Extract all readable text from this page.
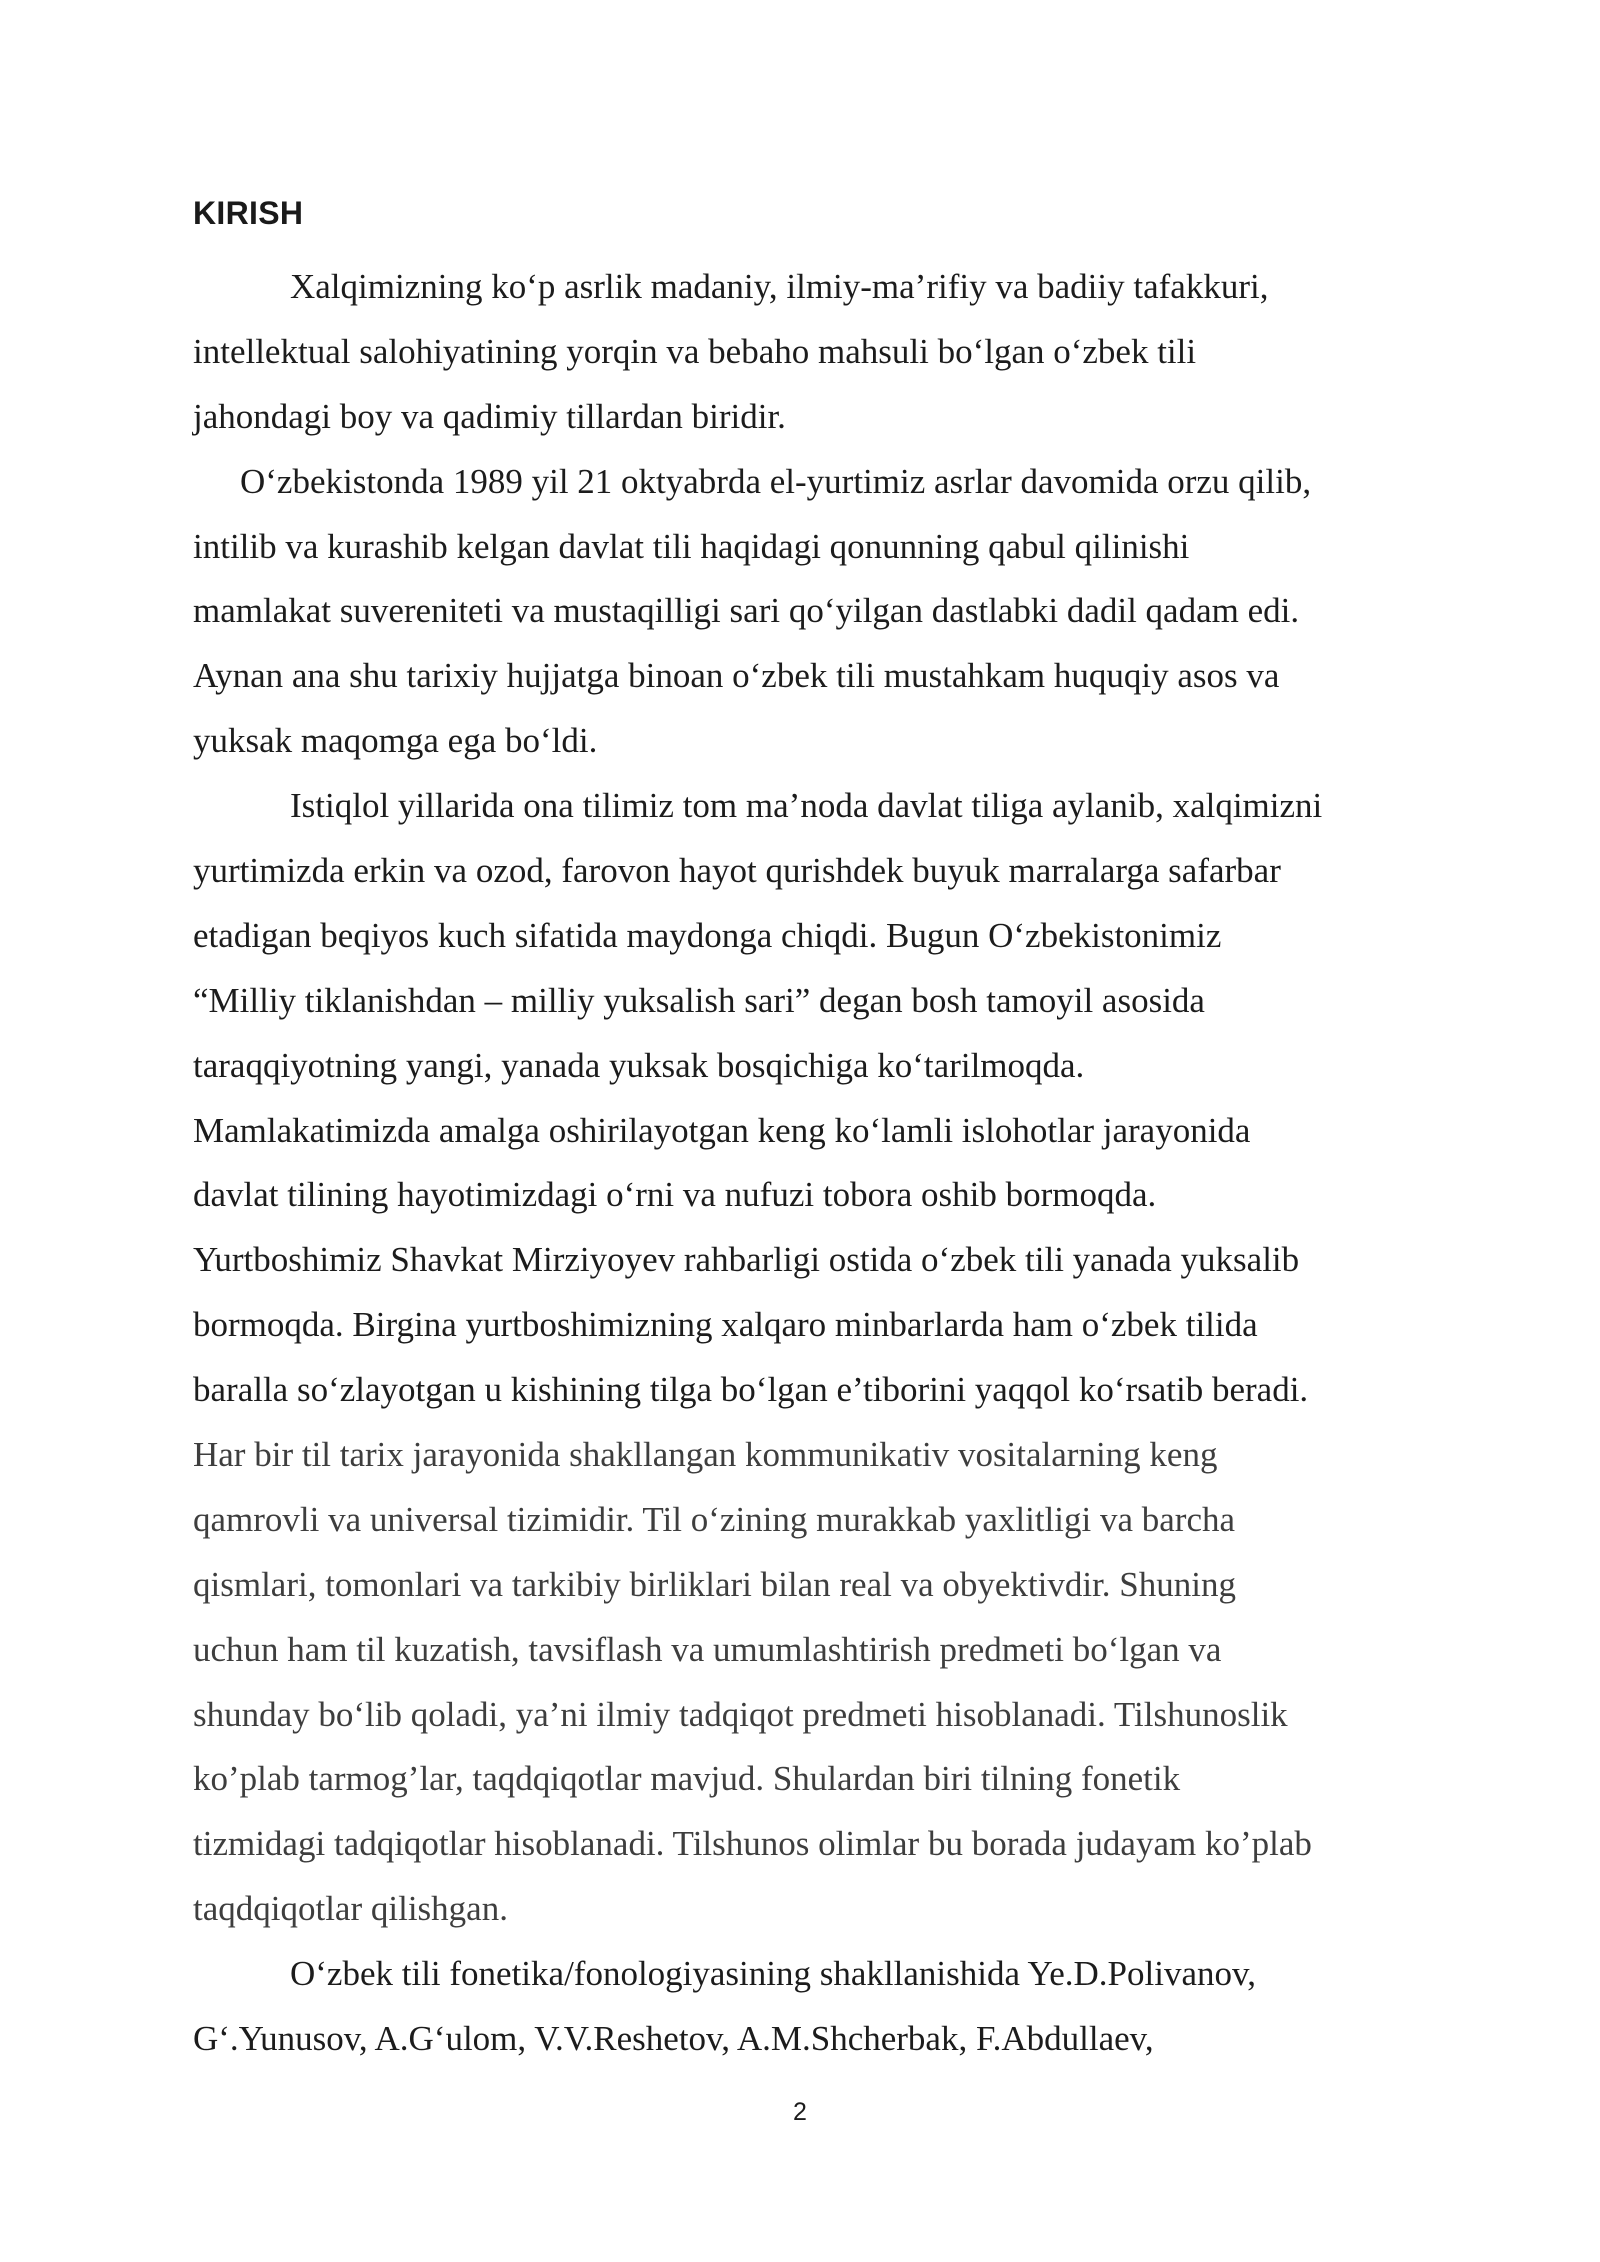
KIRISH
Xalqimizning ko‘p asrlik madaniy, ilmiy-ma’rifiy va badiiy tafakkuri,
intellektual salohiyatining yorqin va bebaho mahsuli bo‘lgan o‘zbek tili
jahondagi boy va qadimiy tillardan biridir.
O‘zbekistonda 1989 yil 21 oktyabrda el-yurtimiz asrlar davomida orzu qilib,
intilib va kurashib kelgan davlat tili haqidagi qonunning qabul qilinishi
mamlakat suvereniteti va mustaqilligi sari qo‘yilgan dastlabki dadil qadam edi.
Aynan ana shu tarixiy hujjatga binoan o‘zbek tili mustahkam huquqiy asos va
yuksak maqomga ega bo‘ldi.
Istiqlol yillarida ona tilimiz tom ma’noda davlat tiliga aylanib, xalqimizni
yurtimizda erkin va ozod, farovon hayot qurishdek buyuk marralarga safarbar
etadigan beqiyos kuch sifatida maydonga chiqdi. Bugun O‘zbekistonimiz
“Milliy tiklanishdan – milliy yuksalish sari” degan bosh tamoyil asosida
taraqqiyotning yangi, yanada yuksak bosqichiga ko‘tarilmoqda.
Mamlakatimizda amalga oshirilayotgan keng ko‘lamli islohotlar jarayonida
davlat tilining hayotimizdagi o‘rni va nufuzi tobora oshib bormoqda.
Yurtboshimiz Shavkat Mirziyoyev rahbarligi ostida o‘zbek tili yanada yuksalib
bormoqda. Birgina yurtboshimizning xalqaro minbarlarda ham o‘zbek tilida
baralla so‘zlayotgan u kishining tilga bo‘lgan e’tiborini yaqqol ko‘rsatib beradi.
Har bir til tarix jarayonida shakllangan kommunikativ vositalarning keng
qamrovli va universal tizimidir. Til o‘zining murakkab yaxlitligi va barcha
qismlari, tomonlari va tarkibiy birliklari bilan real va obyektivdir. Shuning
uchun ham til kuzatish, tavsiflash va umumlashtirish predmeti bo‘lgan va
shunday bo‘lib qoladi, ya’ni ilmiy tadqiqot predmeti hisoblanadi. Tilshunoslik
ko’plab tarmog’lar, taqdqiqotlar mavjud. Shulardan biri tilning fonetik
tizmidagi tadqiqotlar hisoblanadi. Tilshunos olimlar bu borada judayam ko’plab
taqdqiqotlar qilishgan.
O‘zbek tili fonetika/fonologiyasining shakllanishida Ye.D.Polivanov,
G‘.Yunusov, A.G‘ulom, V.V.Reshetov, A.M.Shcherbak, F.Abdullaev,
2
